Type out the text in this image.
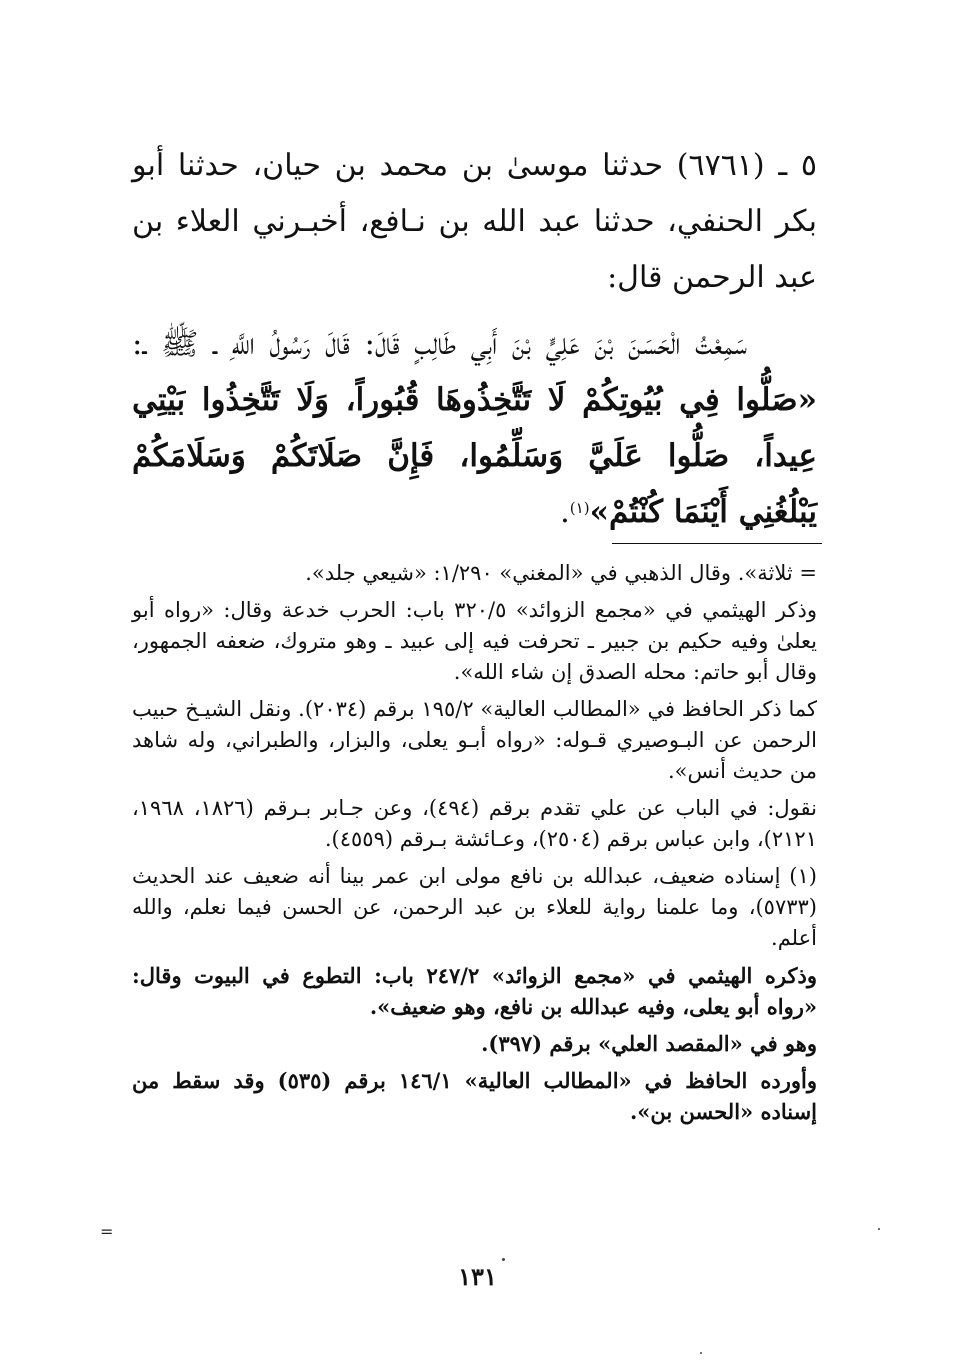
٥ ـ (٦٧٦١) حدثنا موسىٰ بن محمد بن حيان، حدثنا أبو بكر الحنفي، حدثنا عبد الله بن نـافع، أخبـرني العلاء بن عبد الرحمن قال:

سَمِعْتُ الْحَسَنَ بْنَ عَلِيٍّ بْنَ أَبِي طَالِبٍ قَالَ: قَالَ رَسُولُ اللَّهِ ـ ﷺ ـ: «صَلُّوا فِي بُيُوتِكُمْ لَا تَتَّخِذُوهَا قُبُوراً، وَلَا تَتَّخِذُوا بَيْتِي عِيداً، صَلُّوا عَلَيَّ وَسَلِّمُوا، فَإِنَّ صَلَاتَكُمْ وَسَلَامَكُمْ يَبْلُغُنِي أَيْنَمَا كُنْتُمْ»$^{(١)}$.

= ثلاثة». وقال الذهبي في «المغني» ١/٢٩٠: «شيعي جلد».

وذكر الهيثمي في «مجمع الزوائد» ٣٢٠/٥ باب: الحرب خدعة وقال: «رواه أبو يعلىٰ وفيه حكيم بن جبير ـ تحرفت فيه إلى عبيد ـ وهو متروك، ضعفه الجمهور، وقال أبو حاتم: محله الصدق إن شاء الله».

كما ذكر الحافظ في «المطالب العالية» ١٩٥/٢ برقم (٢٠٣٤). ونقل الشيـخ حبيب الرحمن عن البـوصيري قـوله: «رواه أبـو يعلى، والبزار، والطبراني، وله شاهد من حديث أنس».

نقول: في الباب عن علي تقدم برقم (٤٩٤)، وعن جـابر بـرقم (١٨٢٦، ١٩٦٨، ٢١٢١)، وابن عباس برقم (٢٥٠٤)، وعـائشة بـرقم (٤٥٥٩).

(١) إسناده ضعيف، عبدالله بن نافع مولى ابن عمر بينا أنه ضعيف عند الحديث (٥٧٣٣)، وما علمنا رواية للعلاء بن عبد الرحمن، عن الحسن فيما نعلم، والله أعلم.

وذكره الهيثمي في «مجمع الزوائد» ٢٤٧/٢ باب: التطوع في البيوت وقال: «رواه أبو يعلى، وفيه عبدالله بن نافع، وهو ضعيف».

وهو في «المقصد العلي» برقم (٣٩٧).

وأورده الحافظ في «المطالب العالية» ١٤٦/١ برقم (٥٣٥) وقد سقط من إسناده «الحسن بن».

=
١٣١
